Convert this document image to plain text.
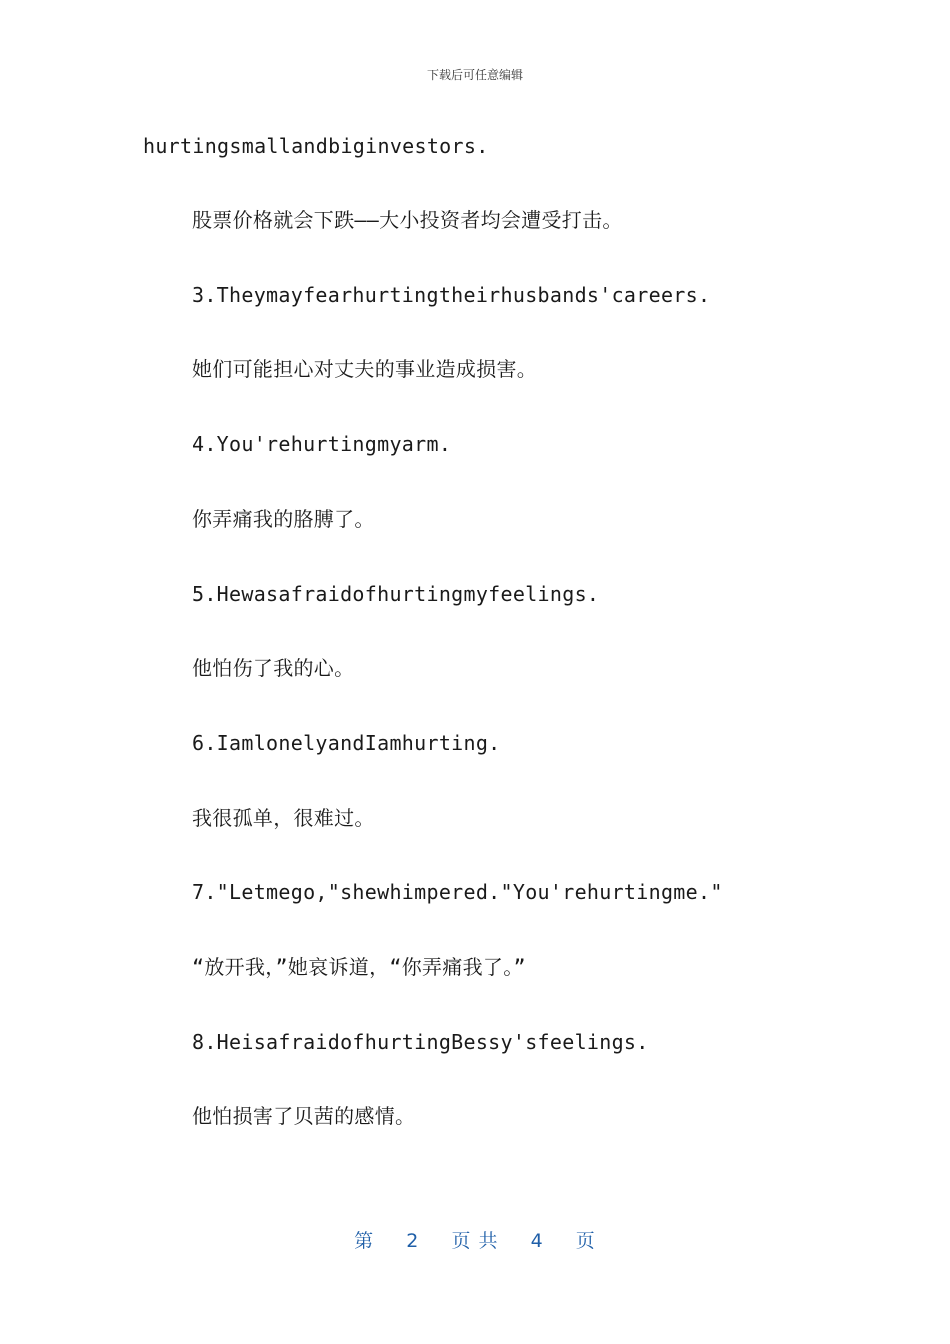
下载后可任意编辑
hurtingsmallandbiginvestors.
股票价格就会下跌——大小投资者均会遭受打击。
3.Theymayfearhurtingtheirhusbands'careers.
她们可能担心对丈夫的事业造成损害。
4.You'rehurtingmyarm.
你弄痛我的胳膊了。
5.Hewasafraidofhurtingmyfeelings.
他怕伤了我的心。
6.IamlonelyandIamhurting.
我很孤单，很难过。
7."Letmego,"shewhimpered."You'rehurtingme."
“放开我，”她哀诉道，“你弄痛我了。”
8.HeisafraidofhurtingBessy'sfeelings.
他怕损害了贝茜的感情。
第 2 页 共 4 页
